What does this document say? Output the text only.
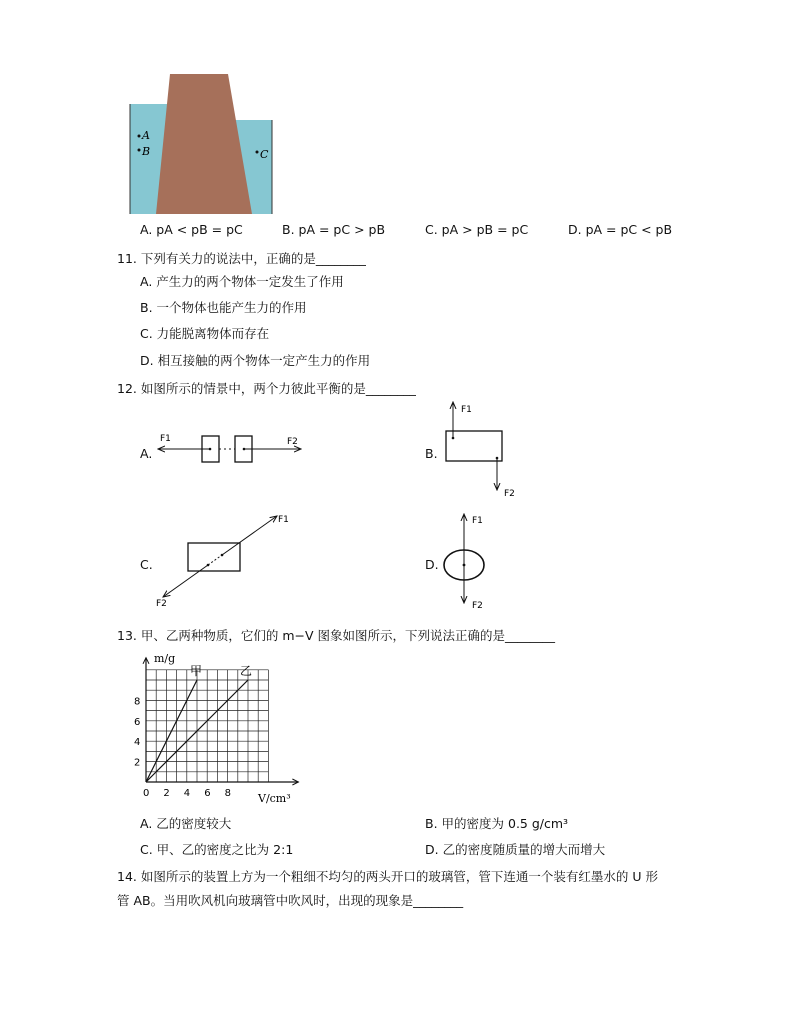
A
B	C
A. pA < pB = pC	B. pA = pC > pB	C. pA > pB = pC	D. pA = pC < pB
11. 下列有关力的说法中，正确的是________
A. 产生力的两个物体一定发生了作用
B. 一个物体也能产生力的作用
C. 力能脱离物体而存在
D. 相互接触的两个物体一定产生力的作用
12. 如图所示的情景中，两个力彼此平衡的是________
A.	B.
C.	D.
F1	F2
F1
F2
F1
F2
F1
F2
13. 甲、乙两种物质，它们的 m−V 图象如图所示，下列说法正确的是________
0 2 4 6 8
2
4
6
8
m/g
V/cm³
甲	乙
A. 乙的密度较大	B. 甲的密度为 0.5 g/cm³
C. 甲、乙的密度之比为 2:1	D. 乙的密度随质量的增大而增大
14. 如图所示的装置上方为一个粗细不均匀的两头开口的玻璃管，管下连通一个装有红墨水的 U 形
管 AB。当用吹风机向玻璃管中吹风时，出现的现象是________
